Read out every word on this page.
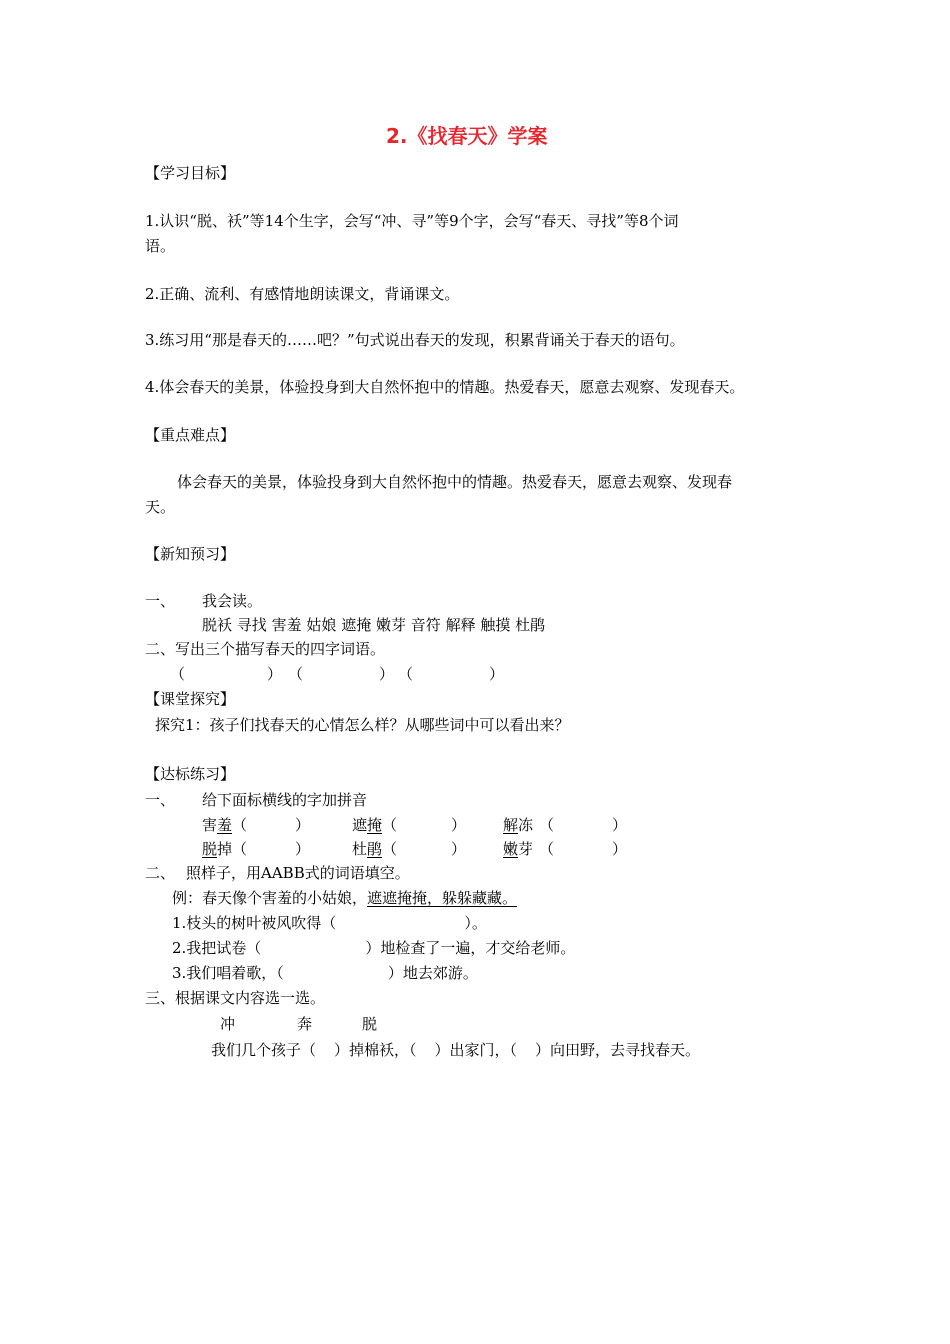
2.《找春天》学案
【学习目标】
1.认识“脱、袄”等14个生字，会写“冲、寻”等9个字，会写“春天、寻找”等8个词
语。
2.正确、流利、有感情地朗读课文，背诵课文。
3.练习用“那是春天的……吧？”句式说出春天的发现，积累背诵关于春天的语句。
4.体会春天的美景，体验投身到大自然怀抱中的情趣。热爱春天，愿意去观察、发现春天。
【重点难点】
体会春天的美景，体验投身到大自然怀抱中的情趣。热爱春天，愿意去观察、发现春
天。
【新知预习】
一、 我会读。
脱袄 寻找 害羞 姑娘 遮掩 嫩芽 音符 解释 触摸 杜鹃
二、写出三个描写春天的四字词语。
（	） （	） （	）
【课堂探究】
探究1：孩子们找春天的心情怎么样？从哪些词中可以看出来？
【达标练习】
一、 给下面标横线的字加拼音
害羞（	）	遮掩（	） 解冻 （	）
脱掉（	）	杜鹃（	） 嫩芽 （	）
二、 照样子，用AABB式的词语填空。
例：春天像个害羞的小姑娘，遮遮掩掩，躲躲藏藏。
1.枝头的树叶被风吹得（	）。
2.我把试卷（	）地检查了一遍，才交给老师。
3.我们唱着歌，（	）地去郊游。
三、根据课文内容选一选。
冲	奔	脱
我们几个孩子（ ）掉棉袄，（ ）出家门，（ ）向田野，去寻找春天。
